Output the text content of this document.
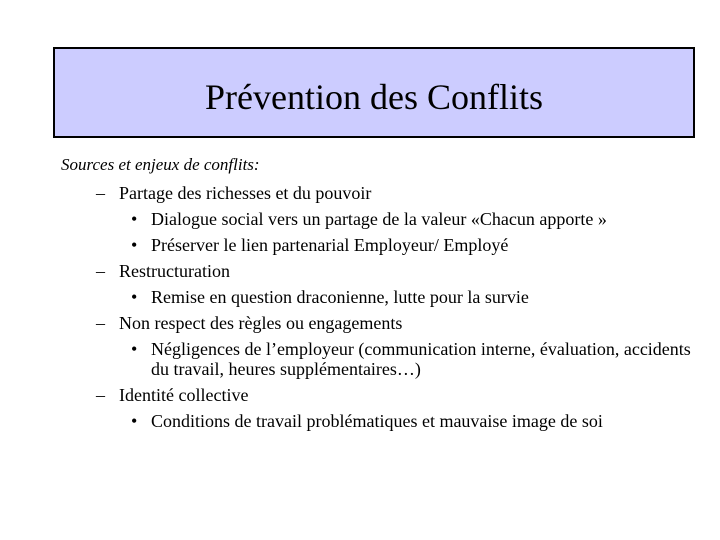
Prévention des Conflits
Sources et enjeux de conflits:
– Partage des richesses et du pouvoir
• Dialogue social vers un partage de la valeur «Chacun apporte »
• Préserver le lien partenarial Employeur/ Employé
– Restructuration
• Remise en question draconienne, lutte pour la survie
– Non respect des règles ou engagements
• Négligences de l’employeur (communication interne, évaluation, accidents du travail, heures supplémentaires…)
– Identité collective
• Conditions de travail problématiques et mauvaise image de soi
